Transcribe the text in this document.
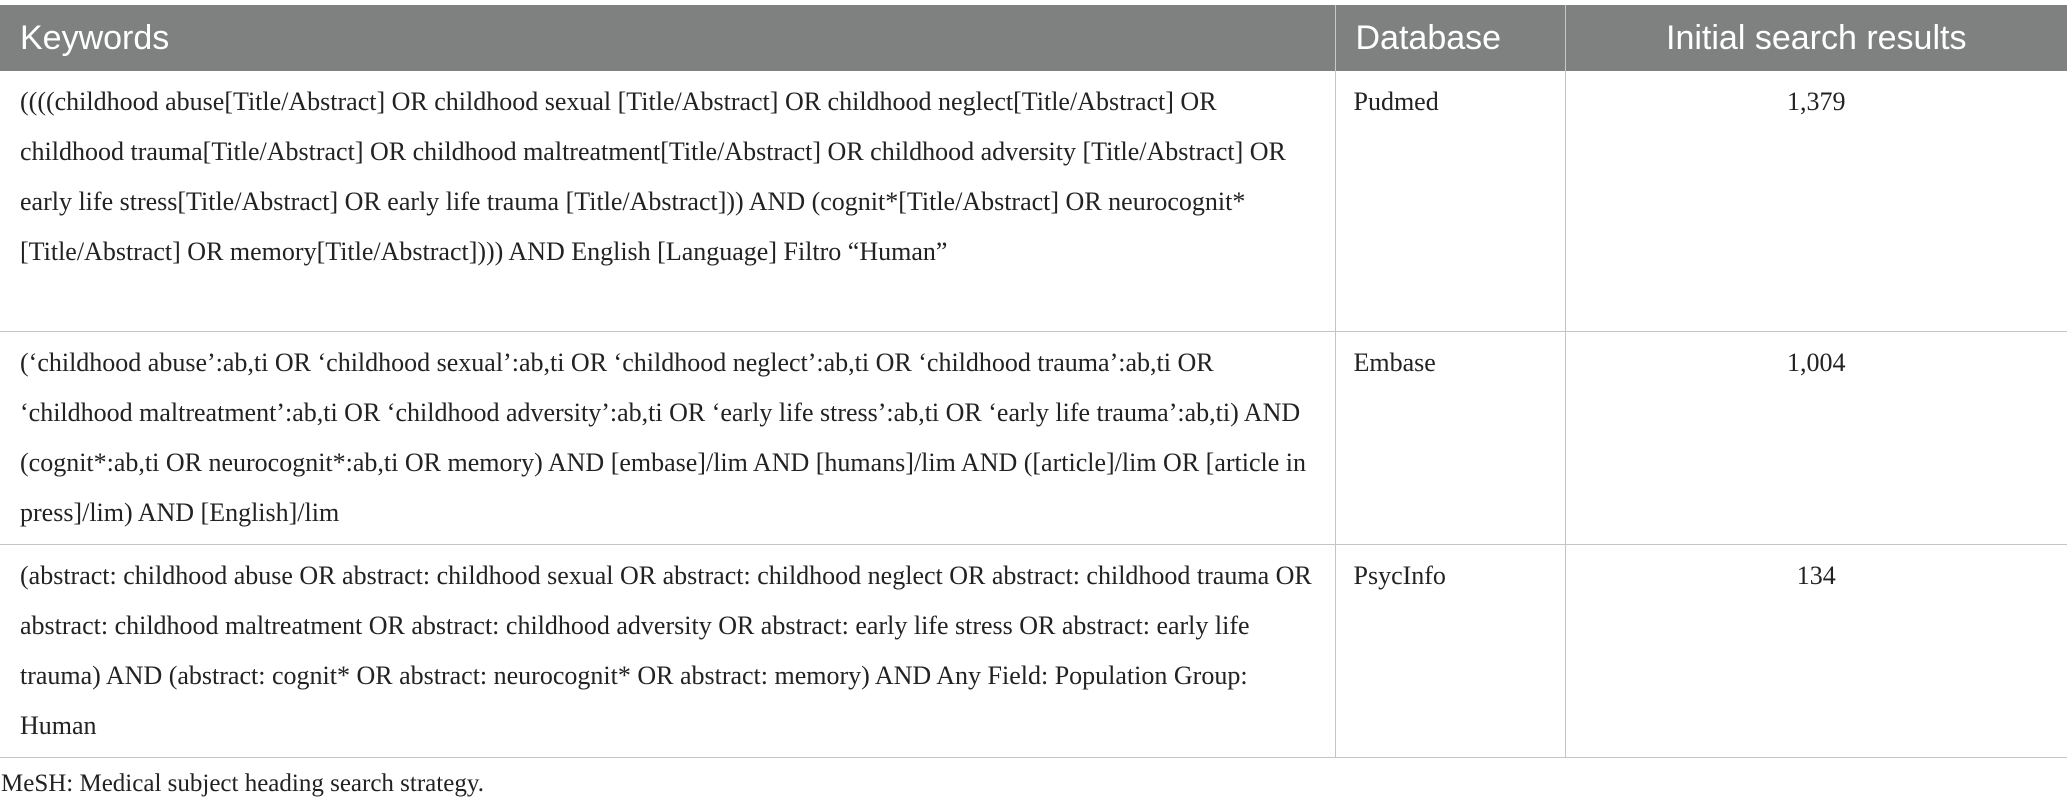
Keywords	Database	Initial search results
((((childhood abuse[Title/Abstract] OR childhood sexual [Title/Abstract] OR childhood neglect[Title/Abstract] OR childhood trauma[Title/Abstract] OR childhood maltreatment[Title/Abstract] OR childhood adversity [Title/Abstract] OR early life stress[Title/Abstract] OR early life trauma [Title/Abstract])) AND (cognit*[Title/Abstract] OR neurocognit*[Title/Abstract] OR memory[Title/Abstract]))) AND English [Language] Filtro “Human”	Pudmed	1,379
(‘childhood abuse’:ab,ti OR ‘childhood sexual’:ab,ti OR ‘childhood neglect’:ab,ti OR ‘childhood trauma’:ab,ti OR ‘childhood maltreatment’:ab,ti OR ‘childhood adversity’:ab,ti OR ‘early life stress’:ab,ti OR ‘early life trauma’:ab,ti) AND (cognit*:ab,ti OR neurocognit*:ab,ti OR memory) AND [embase]/lim AND [humans]/lim AND ([article]/lim OR [article in press]/lim) AND [English]/lim	Embase	1,004
(abstract: childhood abuse OR abstract: childhood sexual OR abstract: childhood neglect OR abstract: childhood trauma OR abstract: childhood maltreatment OR abstract: childhood adversity OR abstract: early life stress OR abstract: early life trauma) AND (abstract: cognit* OR abstract: neurocognit* OR abstract: memory) AND Any Field: Population Group: Human	PsycInfo	134
MeSH: Medical subject heading search strategy.
